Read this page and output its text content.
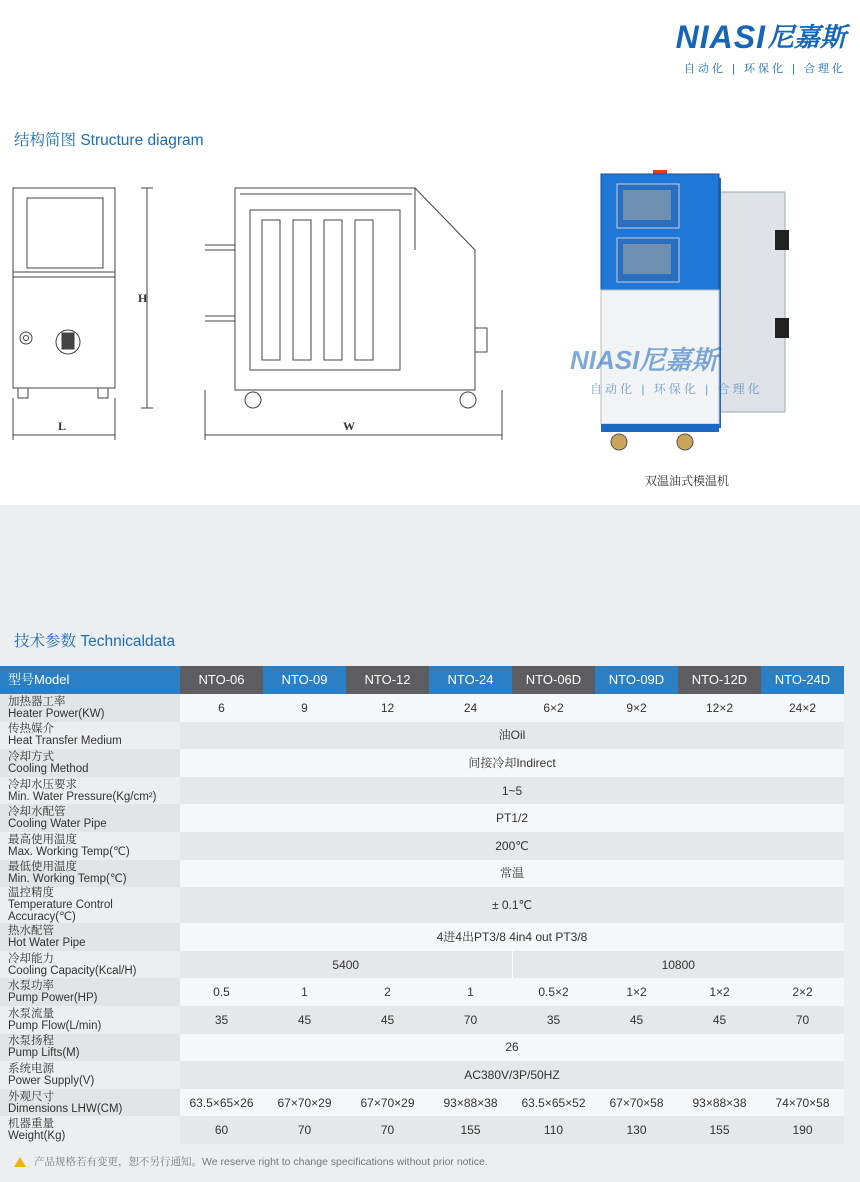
NIASI 尼嘉斯
自动化 | 环保化 | 合理化
结构简图 Structure diagram
H
L	W
NIASI尼嘉斯
自动化 | 环保化 | 合理化
双温油式模温机
技术参数 Technicaldata
型号Model	NTO-06	NTO-09	NTO-12	NTO-24	NTO-06D	NTO-09D	NTO-12D	NTO-24D

加热器工率
Heater Power(KW)	6	9	12	24	6×2	9×2	12×2	24×2

传热媒介
Heat Transfer Medium	油Oil							

冷却方式
Cooling Method	间接冷却Indirect							

冷却水压要求
Min. Water Pressure(Kg/cm²)	1~5							

冷却水配管
Cooling Water Pipe	PT1/2							

最高使用温度
Max. Working Temp(℃)	200℃							

最低使用温度
Min. Working Temp(℃)	常温							

温控精度
Temperature Control Accuracy(℃)	± 0.1℃							

热水配管
Hot Water Pipe	4进4出PT3/8 4in4 out PT3/8							

冷却能力
Cooling Capacity(Kcal/H)	5400				10800			

水泵功率
Pump Power(HP)	0.5	1	2	1	0.5×2	1×2	1×2	2×2

水泵流量
Pump Flow(L/min)	35	45	45	70	35	45	45	70

水泵扬程
Pump Lifts(M)	26							

系统电源
Power Supply(V)	AC380V/3P/50HZ							

外观尺寸
Dimensions LHW(CM)	63.5×65×26	67×70×29	67×70×29	93×88×38	63.5×65×52	67×70×58	93×88×38	74×70×58

机器重量
Weight(Kg)	60	70	70	155	110	130	155	190
产品规格若有变更，恕不另行通知。We reserve right to change specifications without prior notice.
